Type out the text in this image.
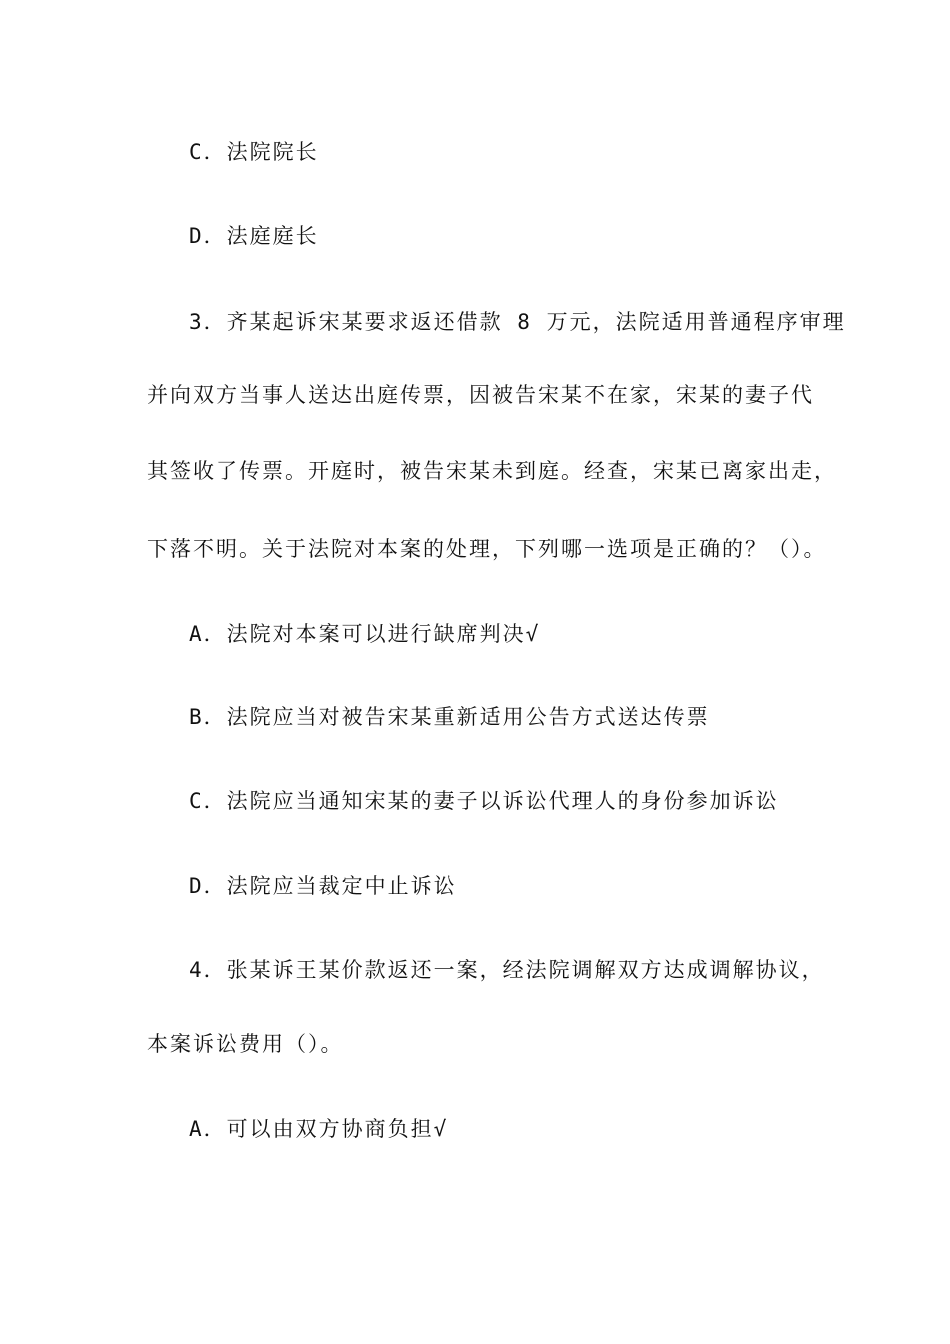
C．法院院长

D．法庭庭长

3．齐某起诉宋某要求返还借款 8 万元，法院适用普通程序审理

并向双方当事人送达出庭传票，因被告宋某不在家，宋某的妻子代

其签收了传票。开庭时，被告宋某未到庭。经查，宋某已离家出走，

下落不明。关于法院对本案的处理，下列哪一选项是正确的？（）。

A．法院对本案可以进行缺席判决√

B．法院应当对被告宋某重新适用公告方式送达传票

C．法院应当通知宋某的妻子以诉讼代理人的身份参加诉讼

D．法院应当裁定中止诉讼

4．张某诉王某价款返还一案，经法院调解双方达成调解协议，

本案诉讼费用（）。

A．可以由双方协商负担√
